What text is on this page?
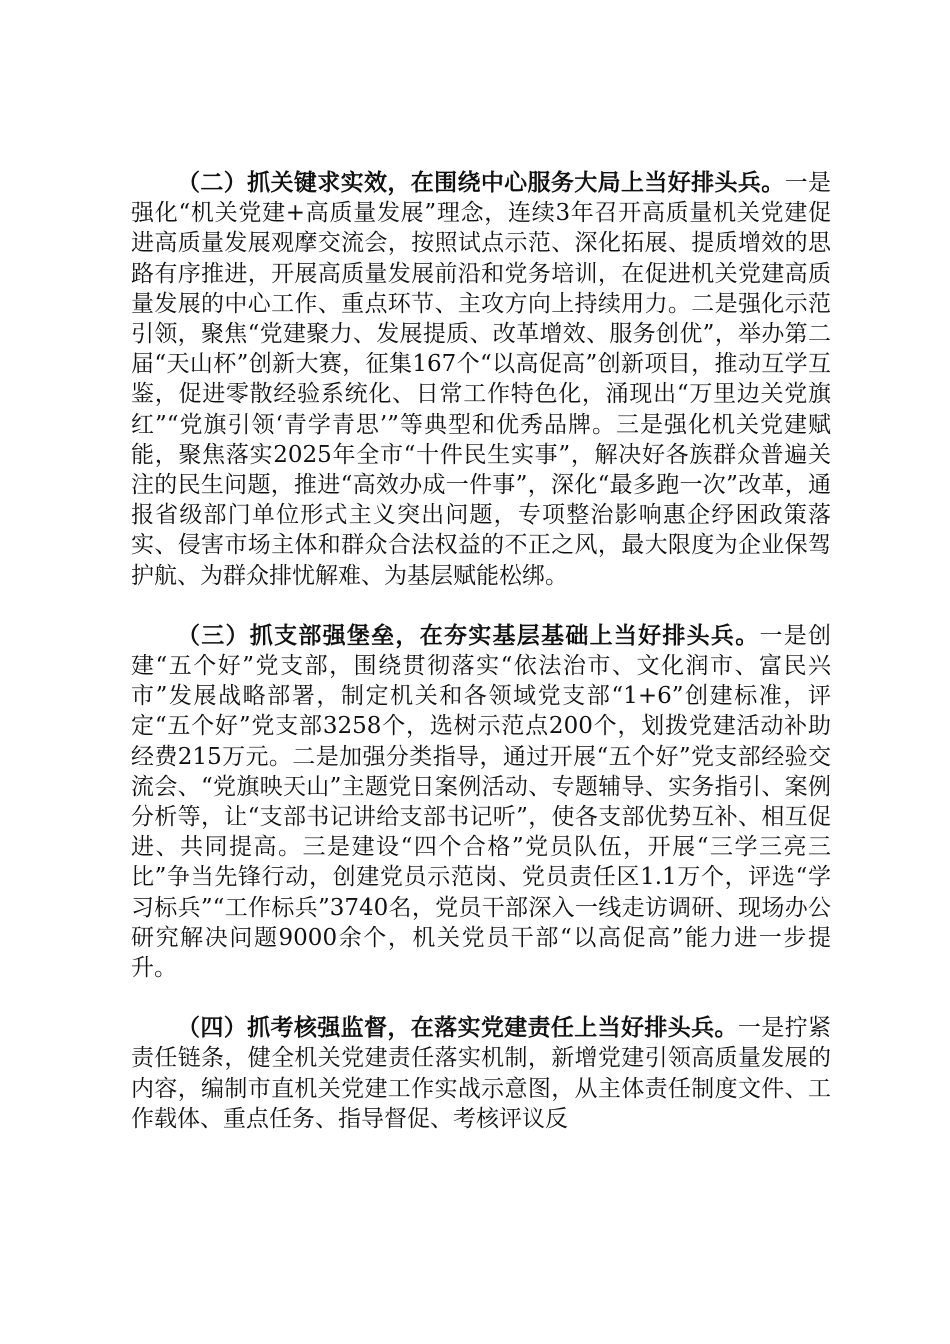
（二）抓关键求实效，在围绕中心服务大局上当好排头兵。一是强化“机关党建+高质量发展”理念，连续3年召开高质量机关党建促进高质量发展观摩交流会，按照试点示范、深化拓展、提质增效的思路有序推进，开展高质量发展前沿和党务培训，在促进机关党建高质量发展的中心工作、重点环节、主攻方向上持续用力。二是强化示范引领，聚焦“党建聚力、发展提质、改革增效、服务创优”，举办第二届“天山杯”创新大赛，征集167个“以高促高”创新项目，推动互学互鉴，促进零散经验系统化、日常工作特色化，涌现出“万里边关党旗红”“党旗引领‘青学青思’”等典型和优秀品牌。三是强化机关党建赋能，聚焦落实2025年全市“十件民生实事”，解决好各族群众普遍关注的民生问题，推进“高效办成一件事”，深化“最多跑一次”改革，通报省级部门单位形式主义突出问题，专项整治影响惠企纾困政策落实、侵害市场主体和群众合法权益的不正之风，最大限度为企业保驾护航、为群众排忧解难、为基层赋能松绑。

（三）抓支部强堡垒，在夯实基层基础上当好排头兵。一是创建“五个好”党支部，围绕贯彻落实“依法治市、文化润市、富民兴市”发展战略部署，制定机关和各领域党支部“1+6”创建标准，评定“五个好”党支部3258个，选树示范点200个，划拨党建活动补助经费215万元。二是加强分类指导，通过开展“五个好”党支部经验交流会、“党旗映天山”主题党日案例活动、专题辅导、实务指引、案例分析等，让“支部书记讲给支部书记听”，使各支部优势互补、相互促进、共同提高。三是建设“四个合格”党员队伍，开展“三学三亮三比”争当先锋行动，创建党员示范岗、党员责任区1.1万个，评选“学习标兵”“工作标兵”3740名，党员干部深入一线走访调研、现场办公研究解决问题9000余个，机关党员干部“以高促高”能力进一步提升。

（四）抓考核强监督，在落实党建责任上当好排头兵。一是拧紧责任链条，健全机关党建责任落实机制，新增党建引领高质量发展的内容，编制市直机关党建工作实战示意图，从主体责任制度文件、工作载体、重点任务、指导督促、考核评议反
